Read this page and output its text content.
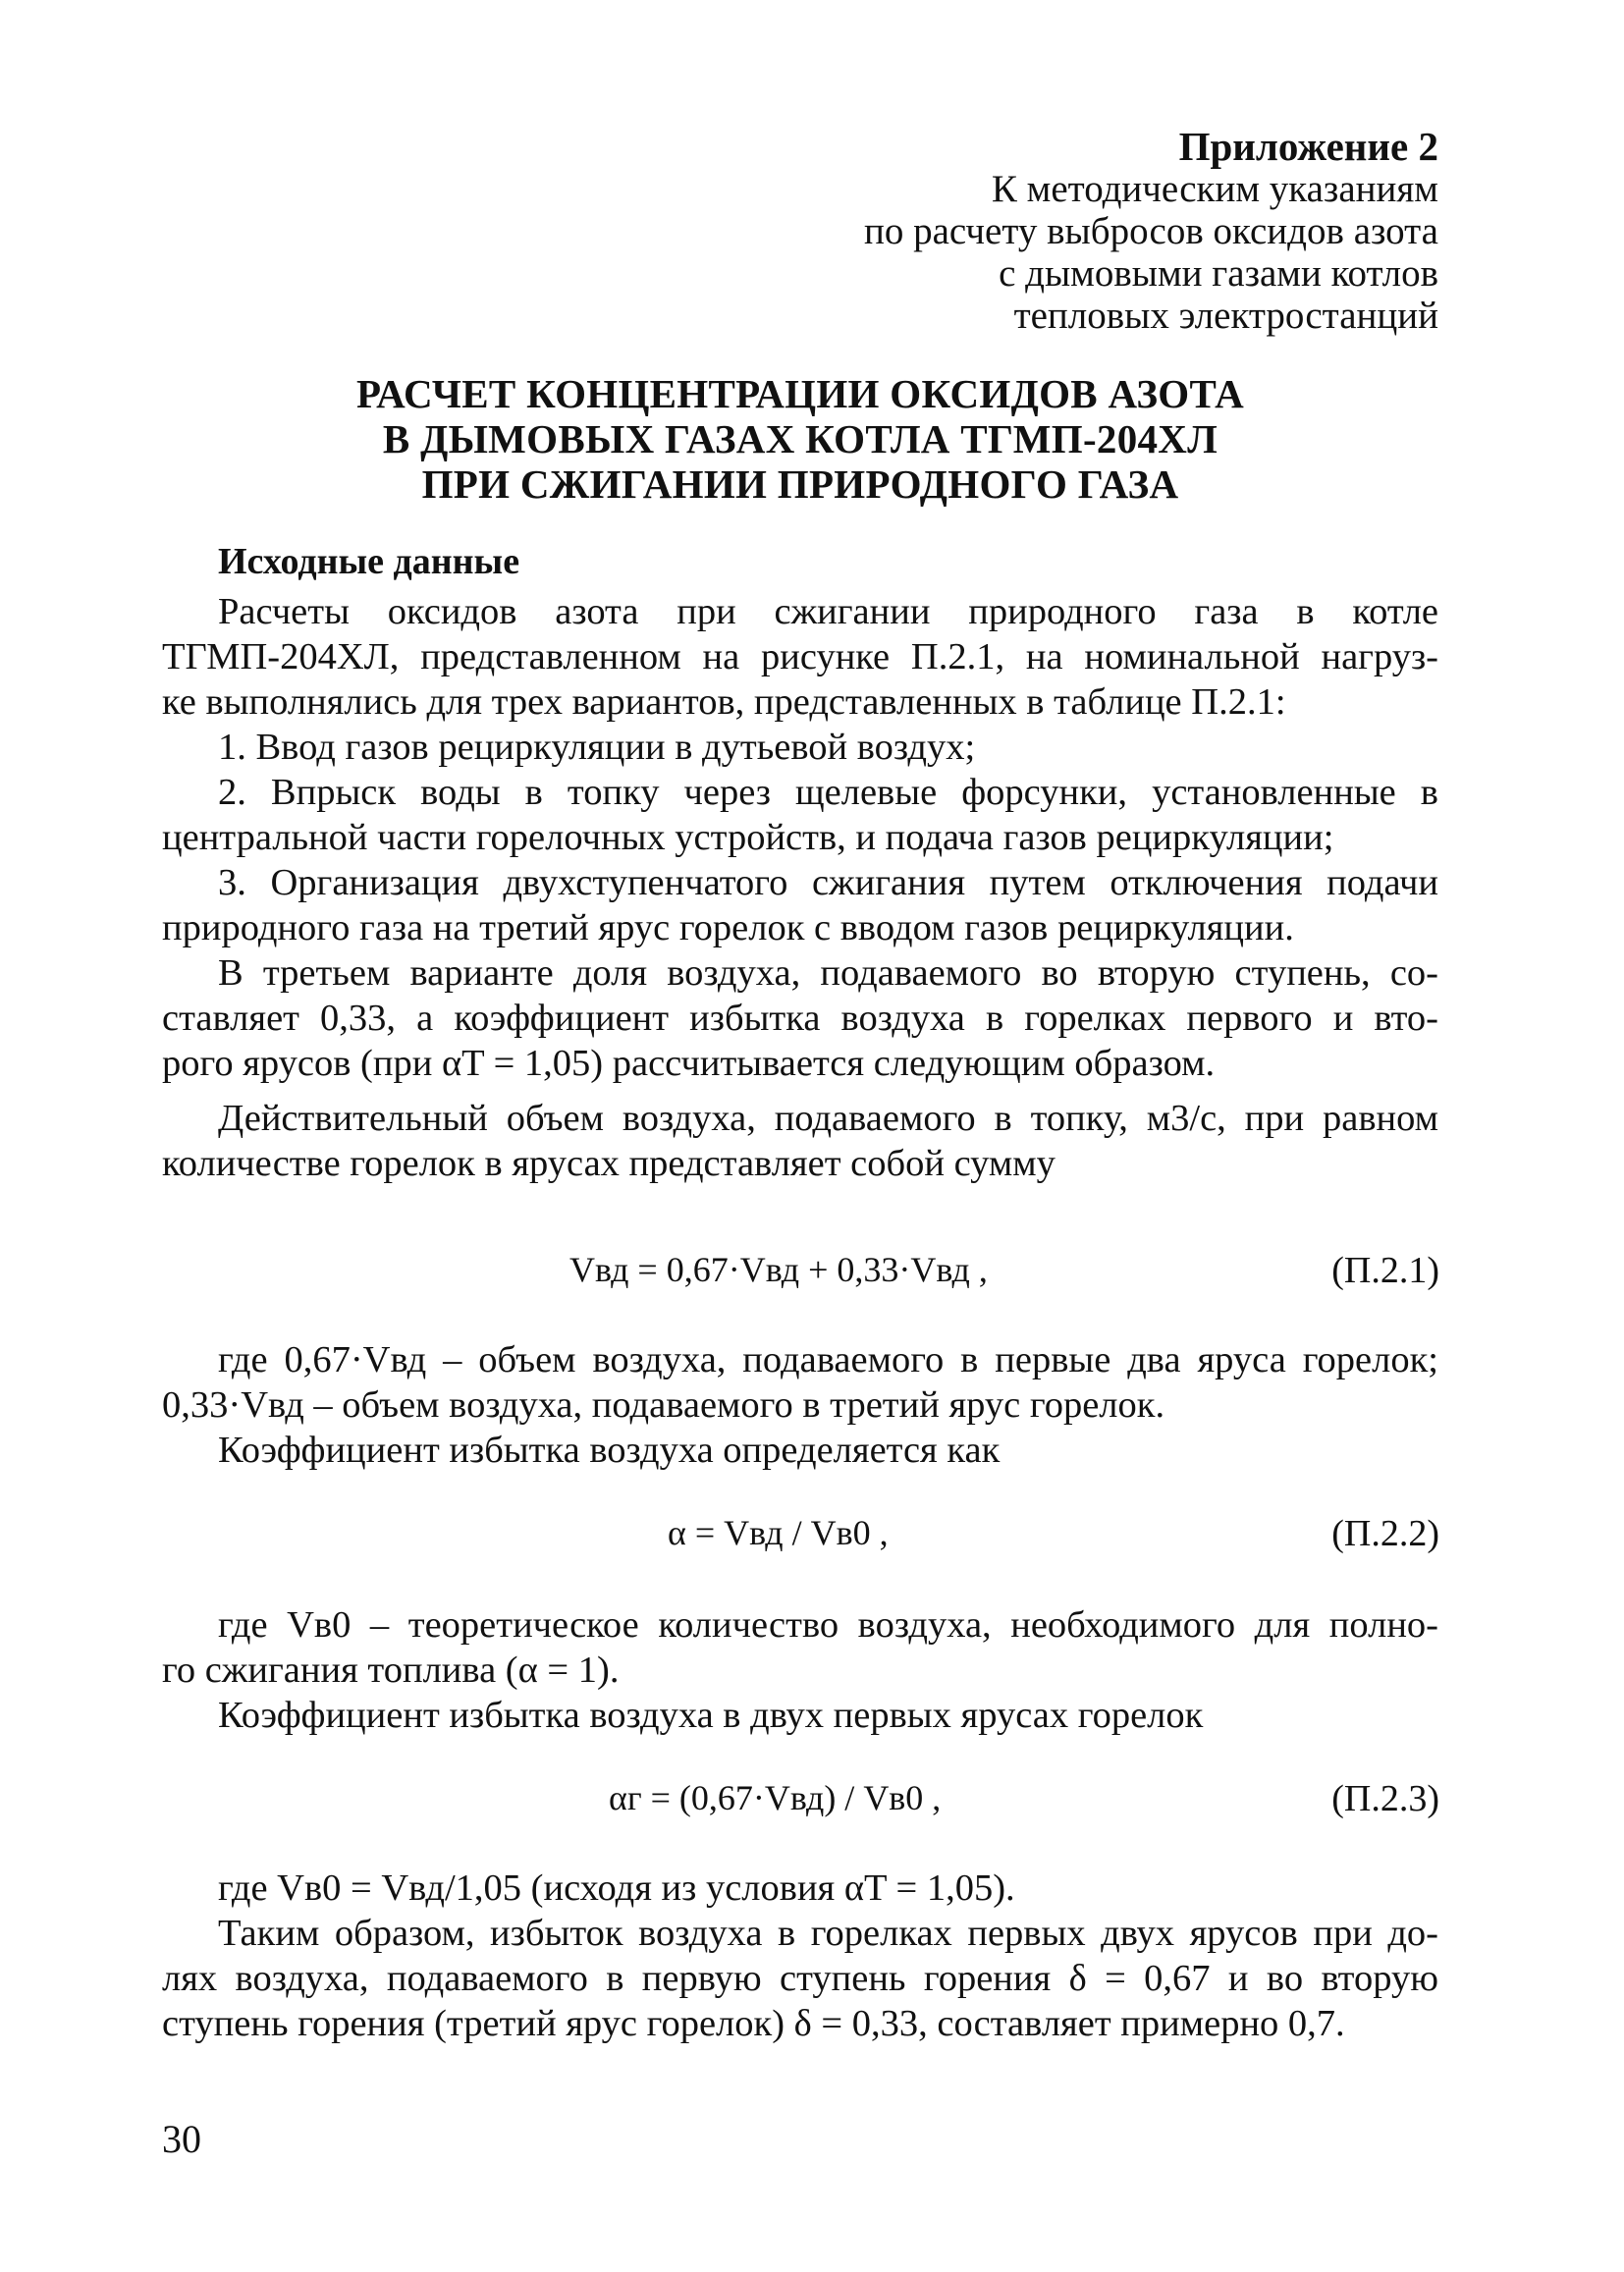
Приложение 2
К методическим указаниям
по расчету выбросов оксидов азота
с дымовыми газами котлов
тепловых электростанций
РАСЧЕТ КОНЦЕНТРАЦИИ ОКСИДОВ АЗОТА
В ДЫМОВЫХ ГАЗАХ КОТЛА ТГМП-204ХЛ
ПРИ СЖИГАНИИ ПРИРОДНОГО ГАЗА
Исходные данные
Расчеты оксидов азота при сжигании природного газа в котле
ТГМП-204ХЛ, представленном на рисунке П.2.1, на номинальной нагруз-
ке выполнялись для трех вариантов, представленных в таблице П.2.1:
1. Ввод газов рециркуляции в дутьевой воздух;
2. Впрыск воды в топку через щелевые форсунки, установленные в
центральной части горелочных устройств, и подача газов рециркуляции;
3. Организация двухступенчатого сжигания путем отключения подачи
природного газа на третий ярус горелок с вводом газов рециркуляции.
В третьем варианте доля воздуха, подаваемого во вторую ступень, со-
ставляет 0,33, а коэффициент избытка воздуха в горелках первого и вто-
рого ярусов (при αT = 1,05) рассчитывается следующим образом.
Действительный объем воздуха, подаваемого в топку, м3/с, при равном
количестве горелок в ярусах представляет собой сумму
Vвд = 0,67·Vвд + 0,33·Vвд ,	(П.2.1)
где 0,67·Vвд – объем воздуха, подаваемого в первые два яруса горелок;
0,33·Vвд – объем воздуха, подаваемого в третий ярус горелок.
Коэффициент избытка воздуха определяется как
α = Vвд / Vв0 ,	(П.2.2)
где Vв0 – теоретическое количество воздуха, необходимого для полно-
го сжигания топлива (α = 1).
Коэффициент избытка воздуха в двух первых ярусах горелок
αг = (0,67·Vвд) / Vв0 ,	(П.2.3)
где Vв0 = Vвд/1,05 (исходя из условия αT = 1,05).
Таким образом, избыток воздуха в горелках первых двух ярусов при до-
лях воздуха, подаваемого в первую ступень горения δ = 0,67 и во вторую
ступень горения (третий ярус горелок) δ = 0,33, составляет примерно 0,7.
30
